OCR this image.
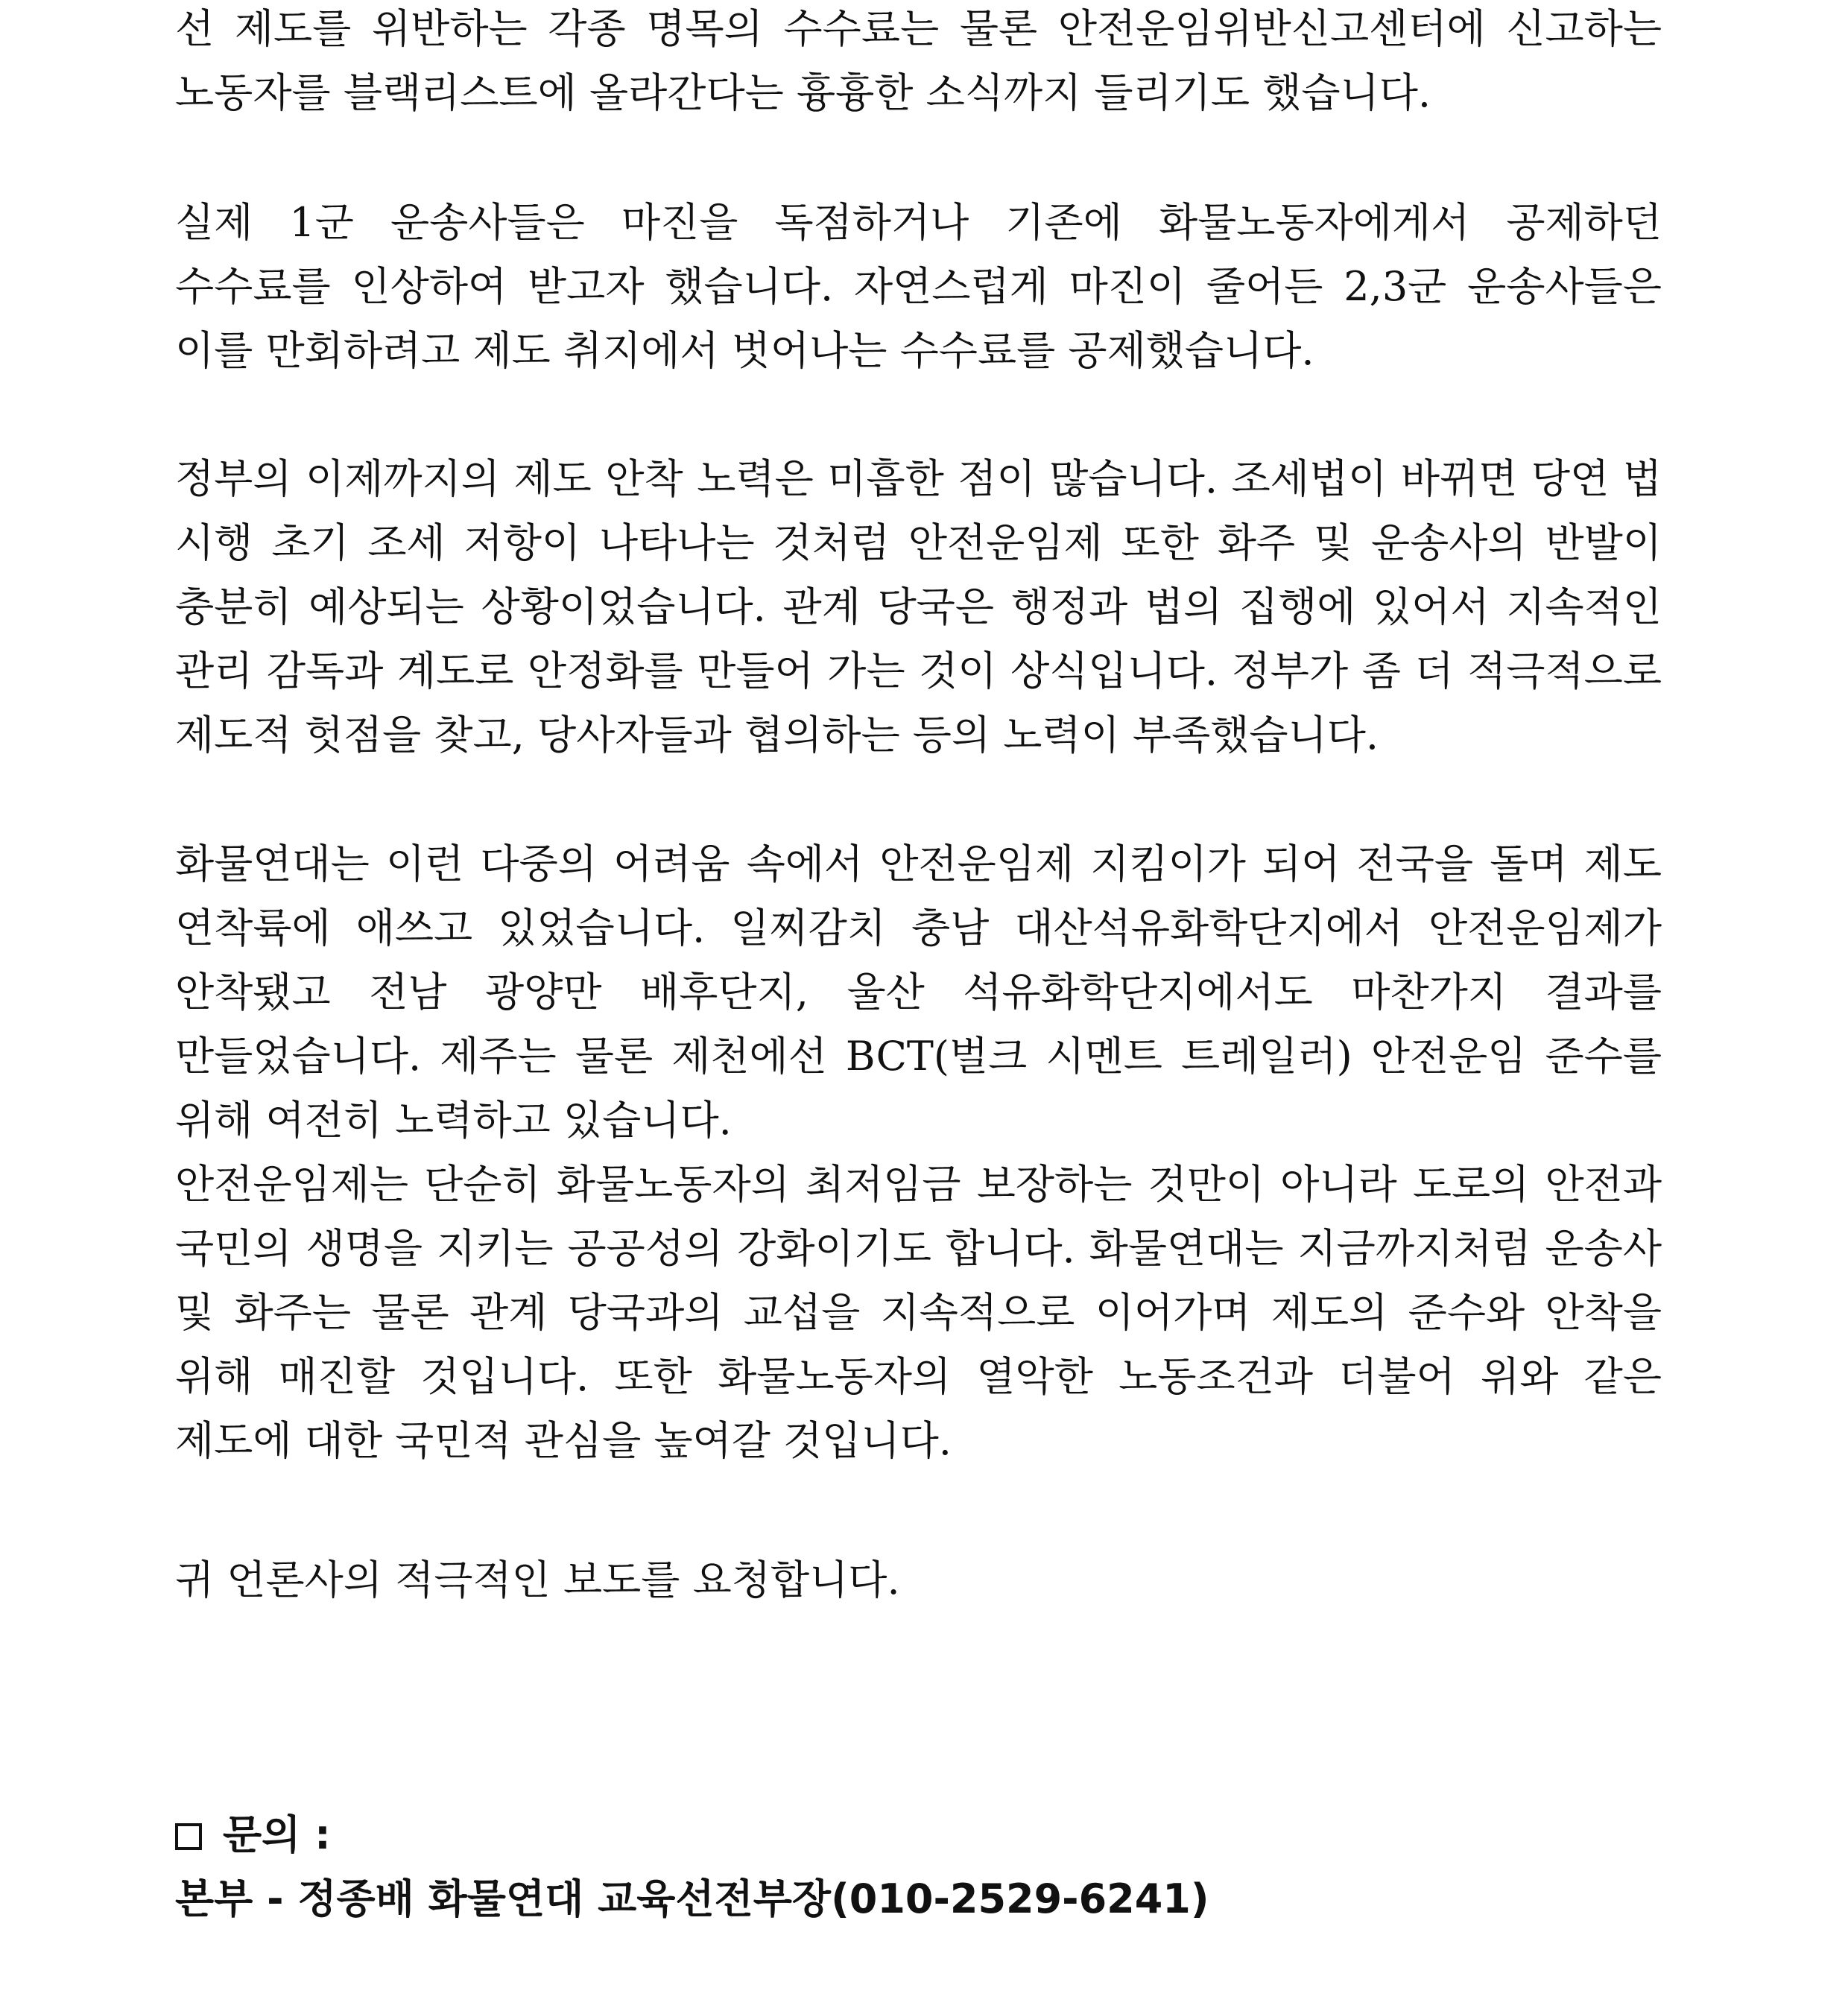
선 제도를 위반하는 각종 명목의 수수료는 물론 안전운임위반신고센터에 신고하는 노동자를 블랙리스트에 올라간다는 흉흉한 소식까지 들리기도 했습니다.

실제 1군 운송사들은 마진을 독점하거나 기존에 화물노동자에게서 공제하던 수수료를 인상하여 받고자 했습니다. 자연스럽게 마진이 줄어든 2,3군 운송사들은 이를 만회하려고 제도 취지에서 벗어나는 수수료를 공제했습니다.

정부의 이제까지의 제도 안착 노력은 미흡한 점이 많습니다. 조세법이 바뀌면 당연 법 시행 초기 조세 저항이 나타나는 것처럼 안전운임제 또한 화주 및 운송사의 반발이 충분히 예상되는 상황이었습니다. 관계 당국은 행정과 법의 집행에 있어서 지속적인 관리 감독과 계도로 안정화를 만들어 가는 것이 상식입니다. 정부가 좀 더 적극적으로 제도적 헛점을 찾고, 당사자들과 협의하는 등의 노력이 부족했습니다.

화물연대는 이런 다중의 어려움 속에서 안전운임제 지킴이가 되어 전국을 돌며 제도 연착륙에 애쓰고 있었습니다. 일찌감치 충남 대산석유화학단지에서 안전운임제가 안착됐고 전남 광양만 배후단지, 울산 석유화학단지에서도 마찬가지 결과를 만들었습니다. 제주는 물론 제천에선 BCT(벌크 시멘트 트레일러) 안전운임 준수를 위해 여전히 노력하고 있습니다.

안전운임제는 단순히 화물노동자의 최저임금 보장하는 것만이 아니라 도로의 안전과 국민의 생명을 지키는 공공성의 강화이기도 합니다. 화물연대는 지금까지처럼 운송사 및 화주는 물론 관계 당국과의 교섭을 지속적으로 이어가며 제도의 준수와 안착을 위해 매진할 것입니다. 또한 화물노동자의 열악한 노동조건과 더불어 위와 같은 제도에 대한 국민적 관심을 높여갈 것입니다.

귀 언론사의 적극적인 보도를 요청합니다.

문의 :

본부 - 정종배 화물연대 교육선전부장(010-2529-6241)
